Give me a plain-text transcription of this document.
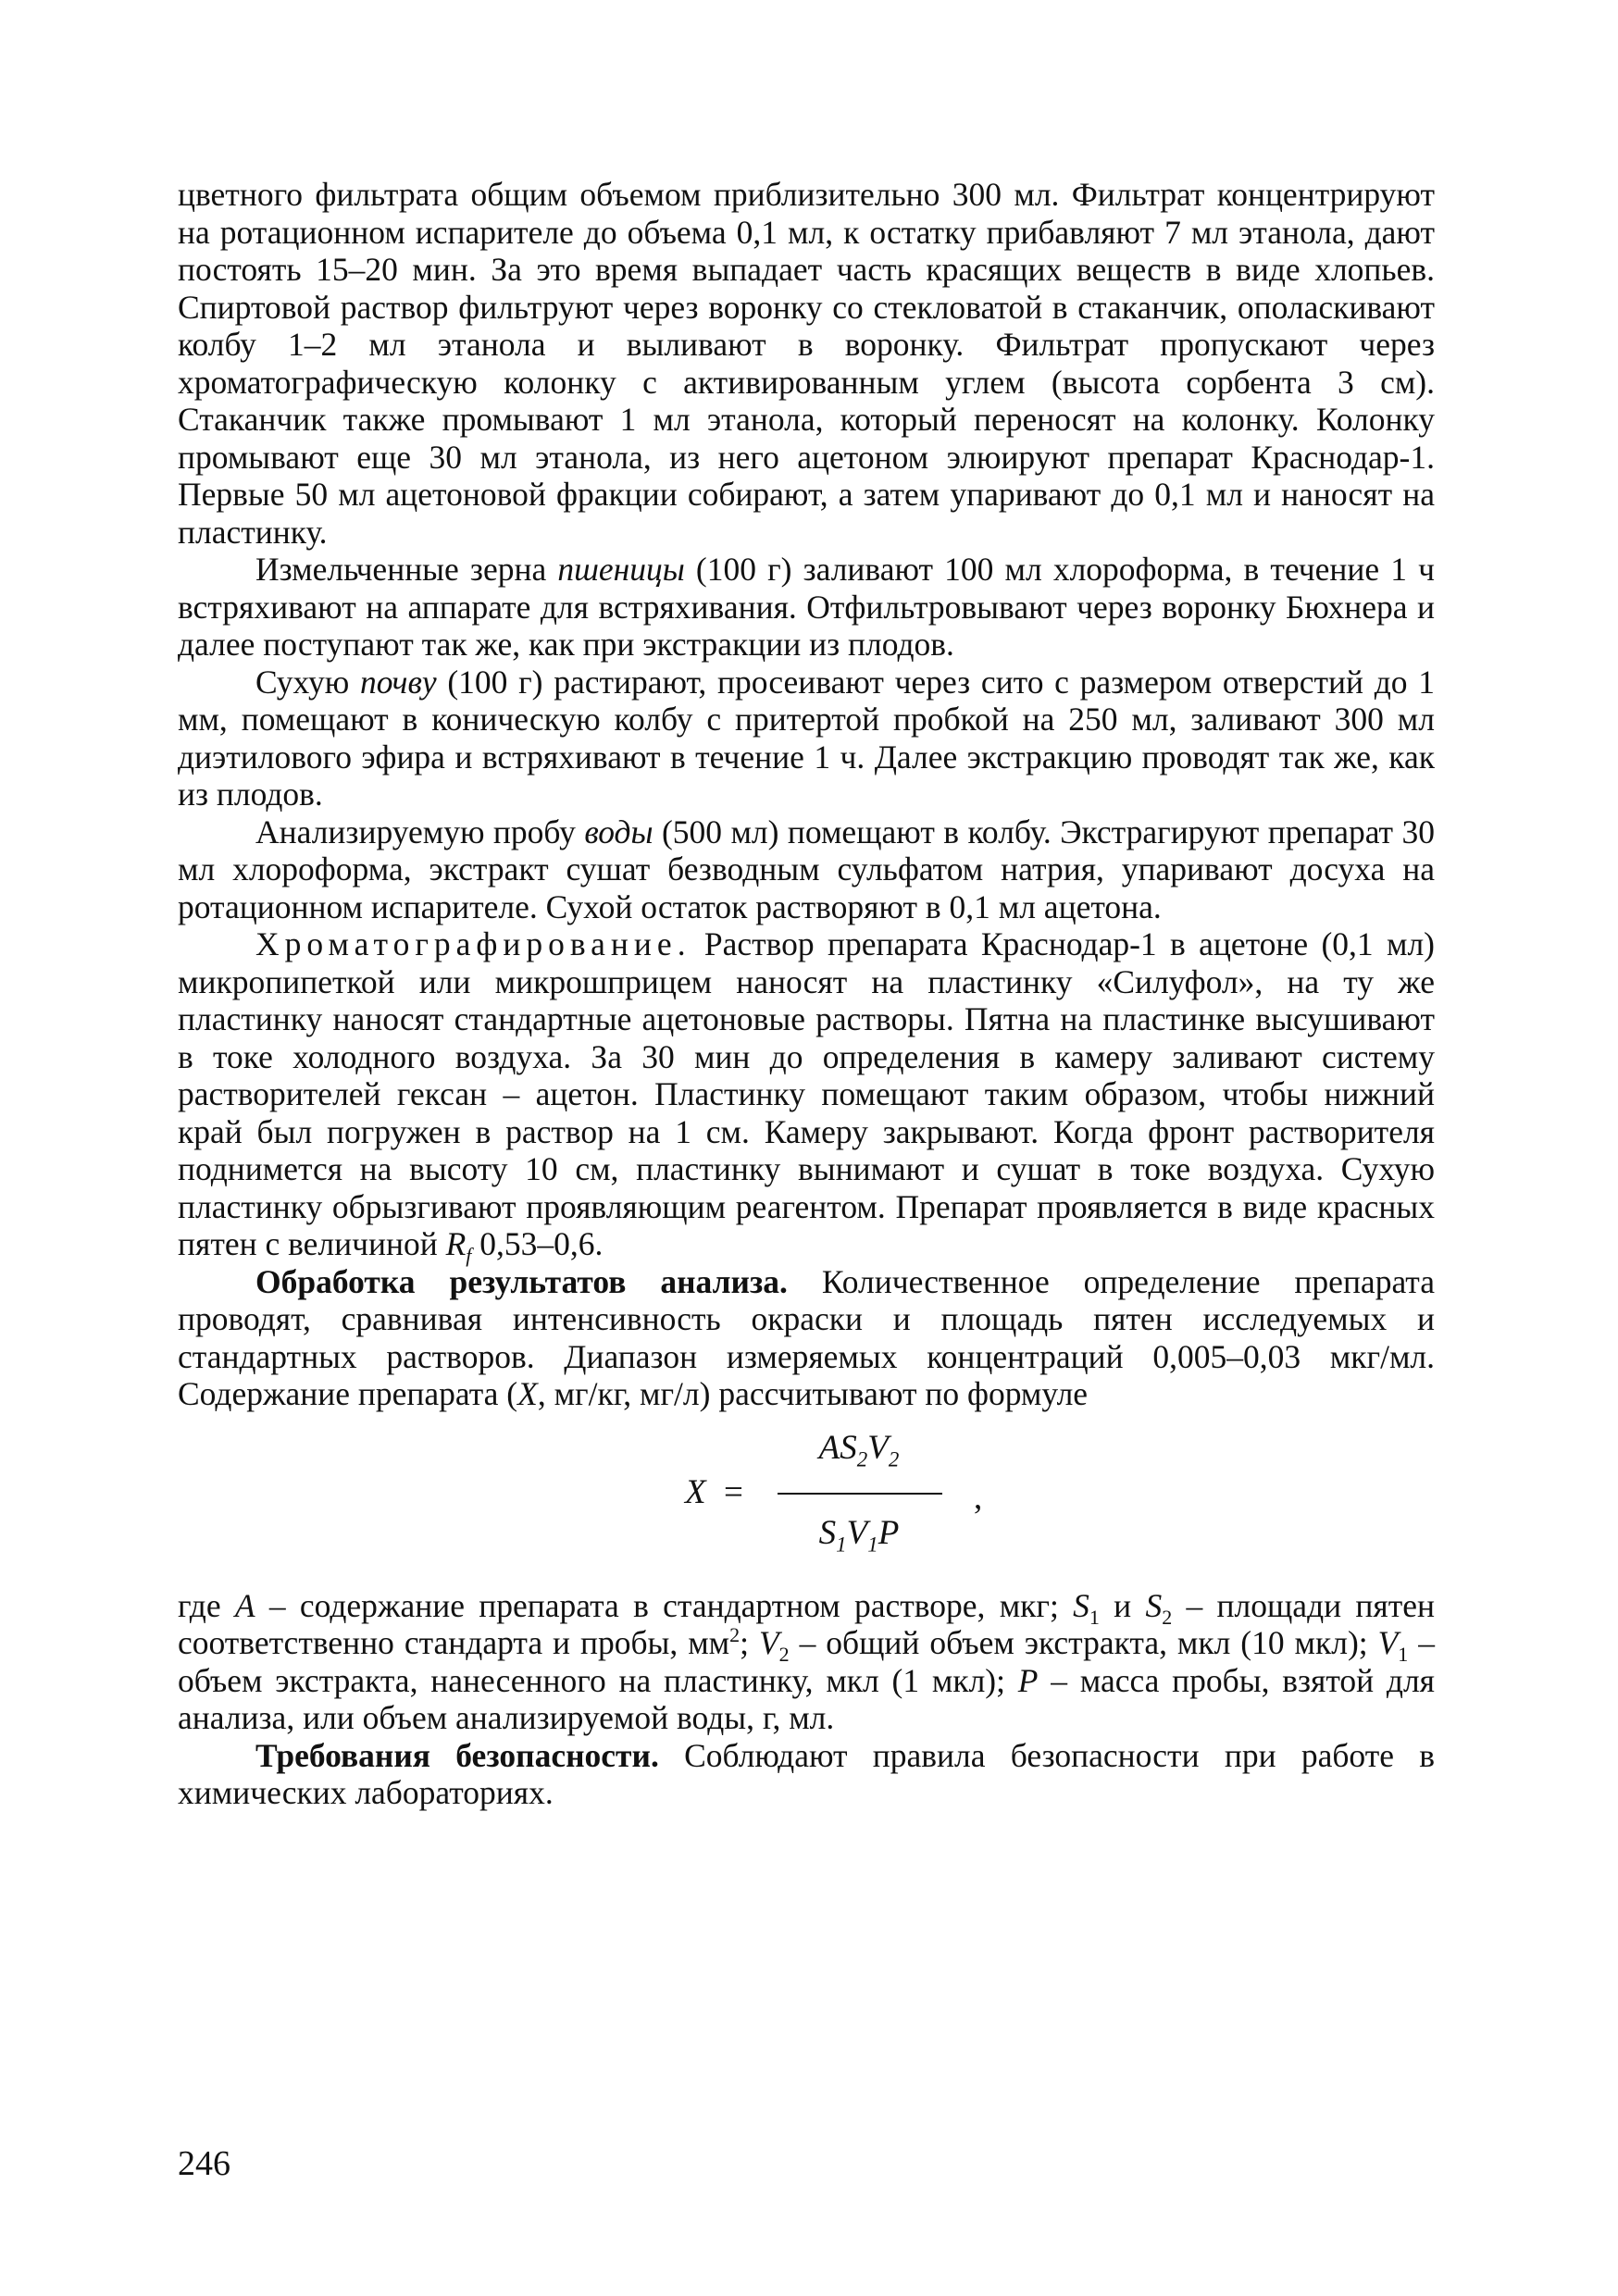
цветного фильтрата общим объемом приблизительно 300 мл. Фильтрат концентрируют на ротационном испарителе до объема 0,1 мл, к остатку прибавляют 7 мл этанола, дают постоять 15–20 мин. За это время выпадает часть красящих веществ в виде хлопьев. Спиртовой раствор фильтруют через воронку со стекловатой в стаканчик, ополаскивают колбу 1–2 мл этанола и выливают в воронку. Фильтрат пропускают через хроматографическую колонку с активированным углем (высота сорбента 3 см). Стаканчик также промывают 1 мл этанола, который переносят на колонку. Колонку промывают еще 30 мл этанола, из него ацетоном элюируют препарат Краснодар-1. Первые 50 мл ацетоновой фракции собирают, а затем упаривают до 0,1 мл и наносят на пластинку.

Измельченные зерна пшеницы (100 г) заливают 100 мл хлороформа, в течение 1 ч встряхивают на аппарате для встряхивания. Отфильтровывают через воронку Бюхнера и далее поступают так же, как при экстракции из плодов.

Сухую почву (100 г) растирают, просеивают через сито с размером отверстий до 1 мм, помещают в коническую колбу с притертой пробкой на 250 мл, заливают 300 мл диэтилового эфира и встряхивают в течение 1 ч. Далее экстракцию проводят так же, как из плодов.

Анализируемую пробу воды (500 мл) помещают в колбу. Экстрагируют препарат 30 мл хлороформа, экстракт сушат безводным сульфатом натрия, упаривают досуха на ротационном испарителе. Сухой остаток растворяют в 0,1 мл ацетона.

Хроматографирование. Раствор препарата Краснодар-1 в ацетоне (0,1 мл) микропипеткой или микрошприцем наносят на пластинку «Силуфол», на ту же пластинку наносят стандартные ацетоновые растворы. Пятна на пластинке высушивают в токе холодного воздуха. За 30 мин до определения в камеру заливают систему растворителей гексан – ацетон. Пластинку помещают таким образом, чтобы нижний край был погружен в раствор на 1 см. Камеру закрывают. Когда фронт растворителя поднимется на высоту 10 см, пластинку вынимают и сушат в токе воздуха. Сухую пластинку обрызгивают проявляющим реагентом. Препарат проявляется в виде красных пятен с величиной $R_f$ 0,53–0,6.

Обработка результатов анализа. Количественное определение препарата проводят, сравнивая интенсивность окраски и площадь пятен исследуемых и стандартных растворов. Диапазон измеряемых концентраций 0,005–0,03 мкг/мл. Содержание препарата (X, мг/кг, мг/л) рассчитывают по формуле

X =
$AS_2V_2$
$S_1V_1P$
,

где A – содержание препарата в стандартном растворе, мкг; $S_1$ и $S_2$ – площади пятен соответственно стандарта и пробы, $мм^2$; $V_2$ – общий объем экстракта, мкл (10 мкл); $V_1$ – объем экстракта, нанесенного на пластинку, мкл (1 мкл); P – масса пробы, взятой для анализа, или объем анализируемой воды, г, мл.

Требования безопасности. Соблюдают правила безопасности при работе в химических лабораториях.

246
